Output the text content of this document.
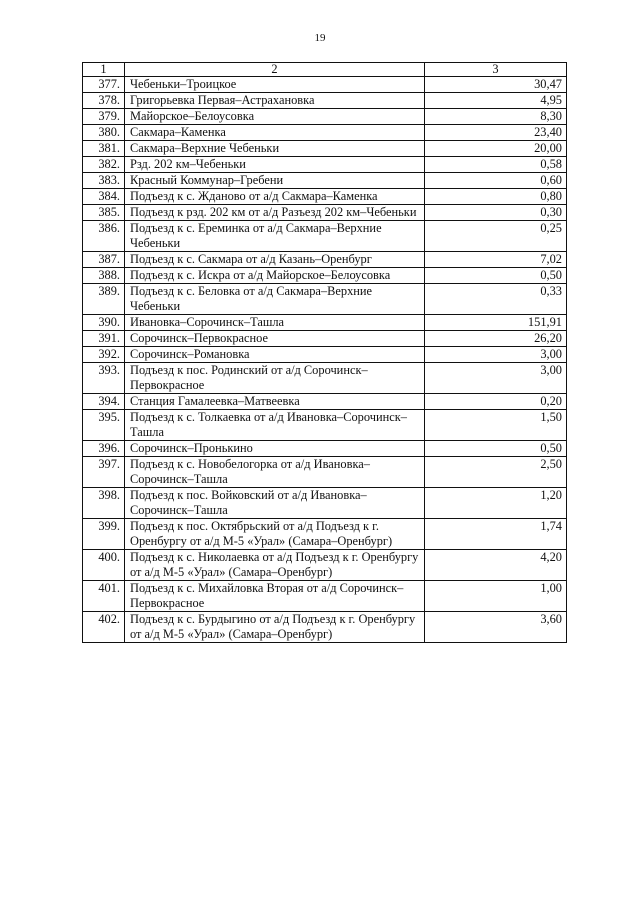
19
1	2	3
377.	Чебеньки–Троицкое	30,47
378.	Григорьевка Первая–Астрахановка	4,95
379.	Майорское–Белоусовка	8,30
380.	Сакмара–Каменка	23,40
381.	Сакмара–Верхние Чебеньки	20,00
382.	Рзд. 202 км–Чебеньки	0,58
383.	Красный Коммунар–Гребени	0,60
384.	Подъезд к с. Жданово от а/д Сакмара–Каменка	0,80
385.	Подъезд к рзд. 202 км от а/д Разъезд 202 км–Чебеньки	0,30
386.	Подъезд к с. Ереминка от а/д Сакмара–Верхние Чебеньки	0,25
387.	Подъезд к с. Сакмара от а/д Казань–Оренбург	7,02
388.	Подъезд к с. Искра от а/д Майорское–Белоусовка	0,50
389.	Подъезд к с. Беловка от а/д Сакмара–Верхние Чебеньки	0,33
390.	Ивановка–Сорочинск–Ташла	151,91
391.	Сорочинск–Первокрасное	26,20
392.	Сорочинск–Романовка	3,00
393.	Подъезд к пос. Родинский от а/д Сорочинск–Первокрасное	3,00
394.	Станция Гамалеевка–Матвеевка	0,20
395.	Подъезд к с. Толкаевка от а/д Ивановка–Сорочинск–Ташла	1,50
396.	Сорочинск–Пронькино	0,50
397.	Подъезд к с. Новобелогорка от а/д Ивановка–Сорочинск–Ташла	2,50
398.	Подъезд к пос. Войковский от а/д Ивановка–Сорочинск–Ташла	1,20
399.	Подъезд к пос. Октябрьский от а/д Подъезд к г. Оренбургу от а/д М-5 «Урал» (Самара–Оренбург)	1,74
400.	Подъезд к с. Николаевка от а/д Подъезд к г. Оренбургу от а/д М-5 «Урал» (Самара–Оренбург)	4,20
401.	Подъезд к с. Михайловка Вторая от а/д Сорочинск–Первокрасное	1,00
402.	Подъезд к с. Бурдыгино от а/д Подъезд к г. Оренбургу от а/д М-5 «Урал» (Самара–Оренбург)	3,60
